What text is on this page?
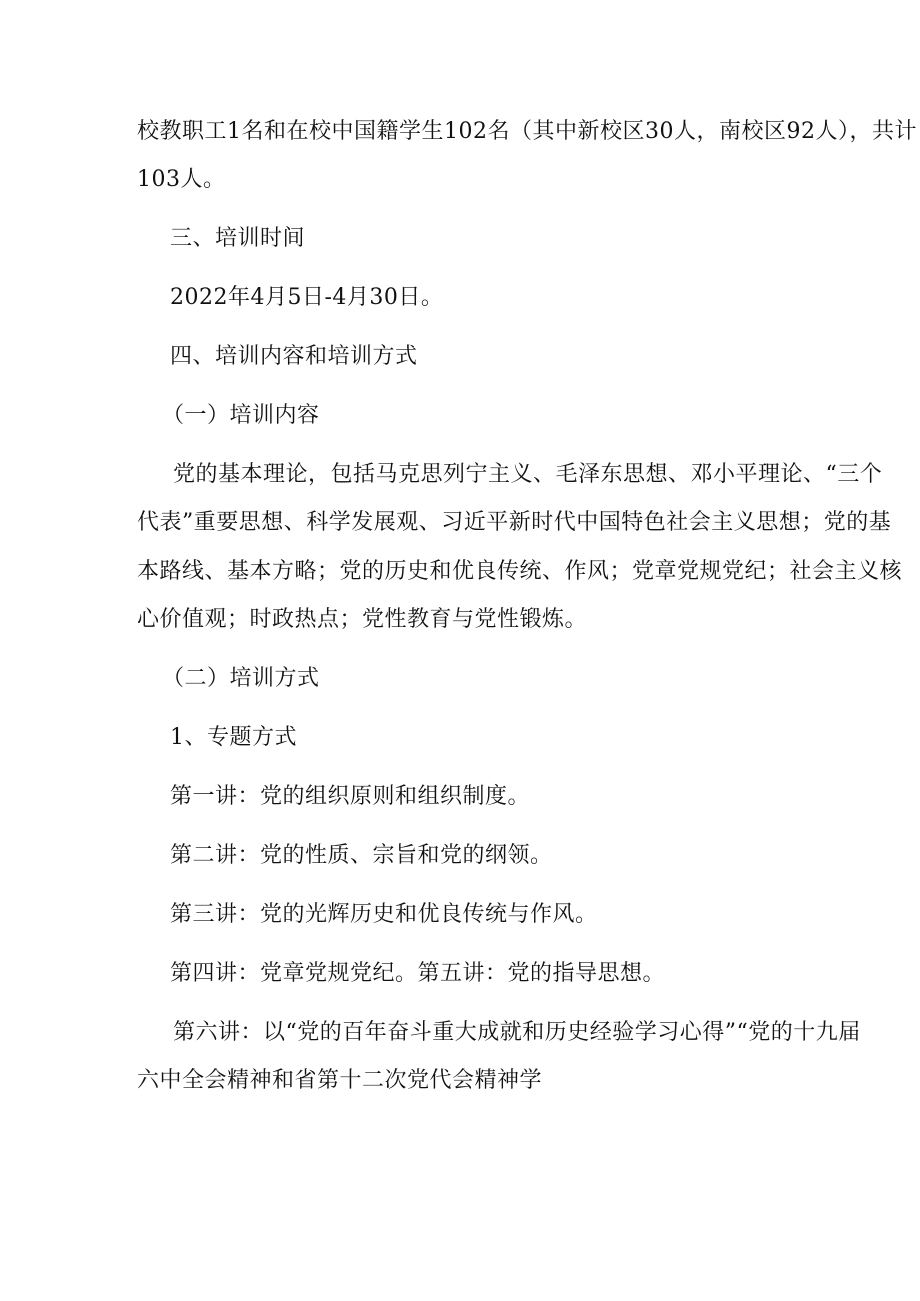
校教职工1名和在校中国籍学生102名（其中新校区30人，南校区92人），共计
103人。
三、培训时间
2022年4月5日-4月30日。
四、培训内容和培训方式
（一）培训内容
党的基本理论，包括马克思列宁主义、毛泽东思想、邓小平理论、“三个
代表”重要思想、科学发展观、习近平新时代中国特色社会主义思想；党的基
本路线、基本方略；党的历史和优良传统、作风；党章党规党纪；社会主义核
心价值观；时政热点；党性教育与党性锻炼。
（二）培训方式
1、专题方式
第一讲：党的组织原则和组织制度。
第二讲：党的性质、宗旨和党的纲领。
第三讲：党的光辉历史和优良传统与作风。
第四讲：党章党规党纪。第五讲：党的指导思想。
第六讲：以“党的百年奋斗重大成就和历史经验学习心得”“党的十九届
六中全会精神和省第十二次党代会精神学
